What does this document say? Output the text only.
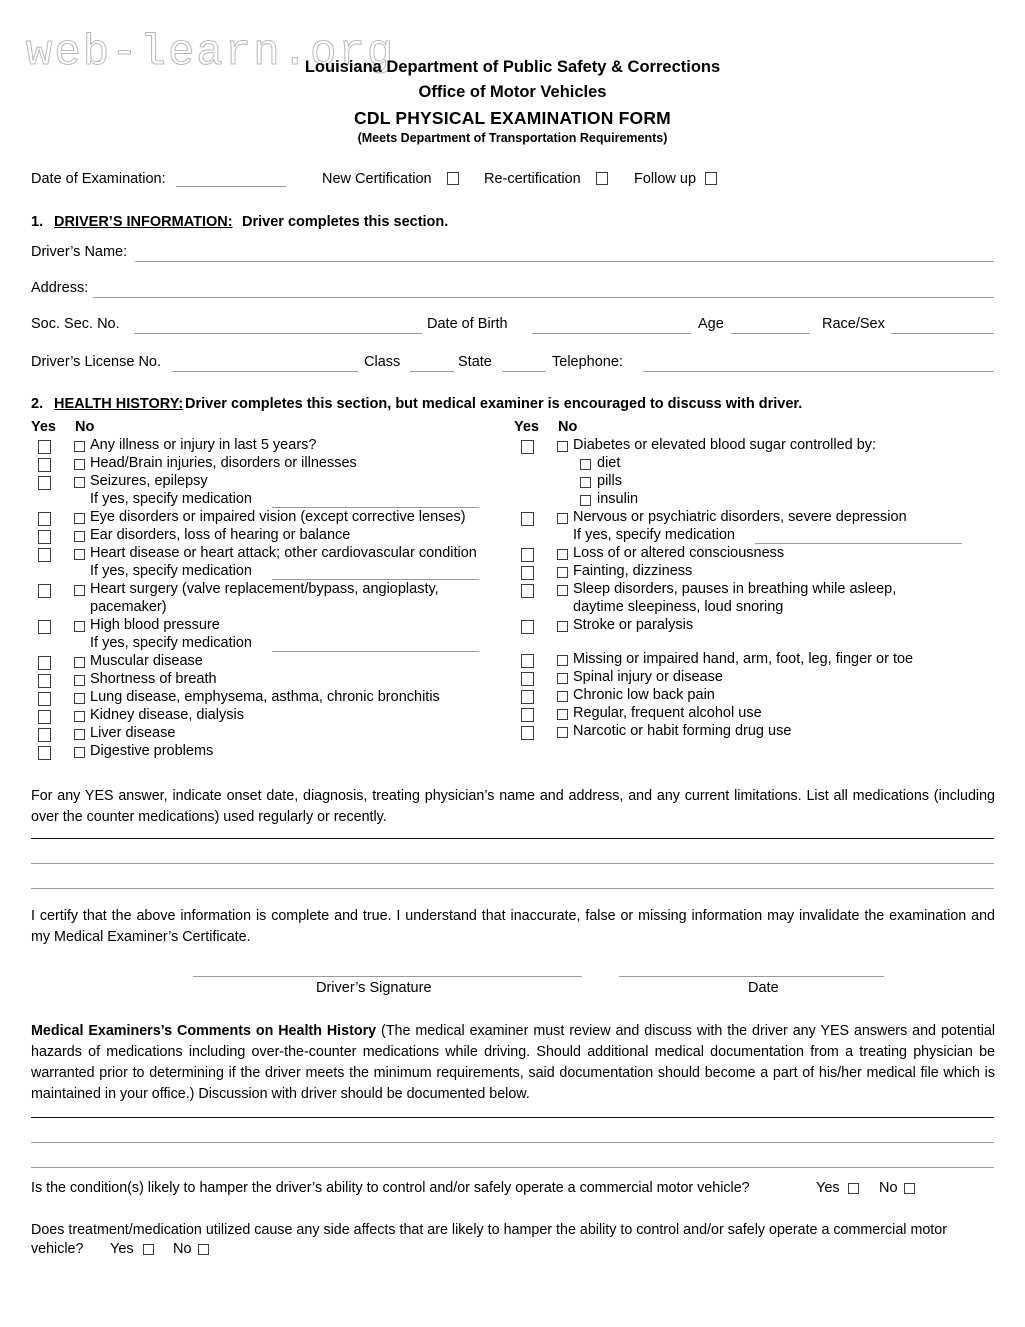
web-learn.org
Louisiana Department of Public Safety & Corrections
Office of Motor Vehicles
CDL PHYSICAL EXAMINATION FORM
(Meets Department of Transportation Requirements)
Date of Examination:	New Certification	Re-certification	Follow up
1. DRIVER’S INFORMATION: Driver completes this section.
Driver’s Name:
Address:
Soc. Sec. No.	Date of Birth	Age	Race/Sex
Driver’s License No.	Class	State	Telephone:
2. HEALTH HISTORY: Driver completes this section, but medical examiner is encouraged to discuss with driver.
Yes No	Yes No
Any illness or injury in last 5 years?
Head/Brain injuries, disorders or illnesses
Seizures, epilepsy
If yes, specify medication
Eye disorders or impaired vision (except corrective lenses)
Ear disorders, loss of hearing or balance
Heart disease or heart attack; other cardiovascular condition
If yes, specify medication
Heart surgery (valve replacement/bypass, angioplasty,
pacemaker)
High blood pressure
If yes, specify medication
Muscular disease
Shortness of breath
Lung disease, emphysema, asthma, chronic bronchitis
Kidney disease, dialysis
Liver disease
Digestive problems
Diabetes or elevated blood sugar controlled by:
diet
pills
insulin
Nervous or psychiatric disorders, severe depression
If yes, specify medication
Loss of or altered consciousness
Fainting, dizziness
Sleep disorders, pauses in breathing while asleep,
daytime sleepiness, loud snoring
Stroke or paralysis
Missing or impaired hand, arm, foot, leg, finger or toe
Spinal injury or disease
Chronic low back pain
Regular, frequent alcohol use
Narcotic or habit forming drug use
For any YES answer, indicate onset date, diagnosis, treating physician’s name and address, and any current limitations. List all medications (including over the counter medications) used regularly or recently.
I certify that the above information is complete and true. I understand that inaccurate, false or missing information may invalidate the examination and my Medical Examiner’s Certificate.
Driver’s Signature	Date
Medical Examiners’s Comments on Health History (The medical examiner must review and discuss with the driver any YES answers and potential hazards of medications including over-the-counter medications while driving. Should additional medical documentation from a treating physician be warranted prior to determining if the driver meets the minimum requirements, said documentation should become a part of his/her medical file which is maintained in your office.) Discussion with driver should be documented below.
Is the condition(s) likely to hamper the driver’s ability to control and/or safely operate a commercial motor vehicle?	Yes	No
Does treatment/medication utilized cause any side affects that are likely to hamper the ability to control and/or safely operate a commercial motor
vehicle? Yes	No
